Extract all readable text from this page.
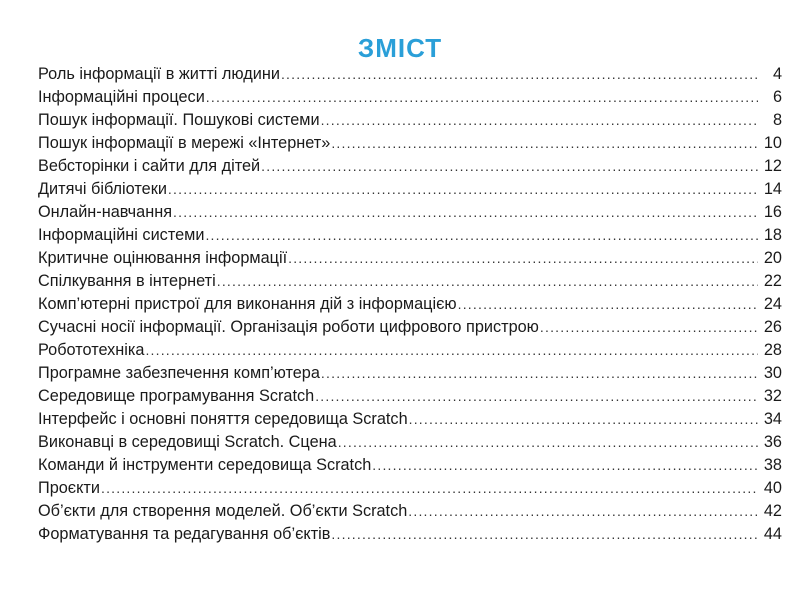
ЗМІСТ
Роль інформації в житті людини .....	4
Інформаційні процеси .....	6
Пошук інформації. Пошукові системи .....	8
Пошук інформації в мережі «Інтернет» .....	10
Вебсторінки і сайти для дітей .....	12
Дитячі бібліотеки .....	14
Онлайн-навчання .....	16
Інформаційні системи .....	18
Критичне оцінювання інформації .....	20
Спілкування в інтернеті .....	22
Комп’ютерні пристрої для виконання дій з інформацією .....	24
Сучасні носії інформації. Організація роботи цифрового пристрою .....	26
Робототехніка .....	28
Програмне забезпечення комп’ютера .....	30
Середовище програмування Scratch .....	32
Інтерфейс і основні поняття середовища Scratch .....	34
Виконавці в середовищі Scratch. Сцена .....	36
Команди й інструменти середовища Scratch .....	38
Проєкти .....	40
Об’єкти для створення моделей. Об’єкти Scratch .....	42
Форматування та редагування об’єктів .....	44
